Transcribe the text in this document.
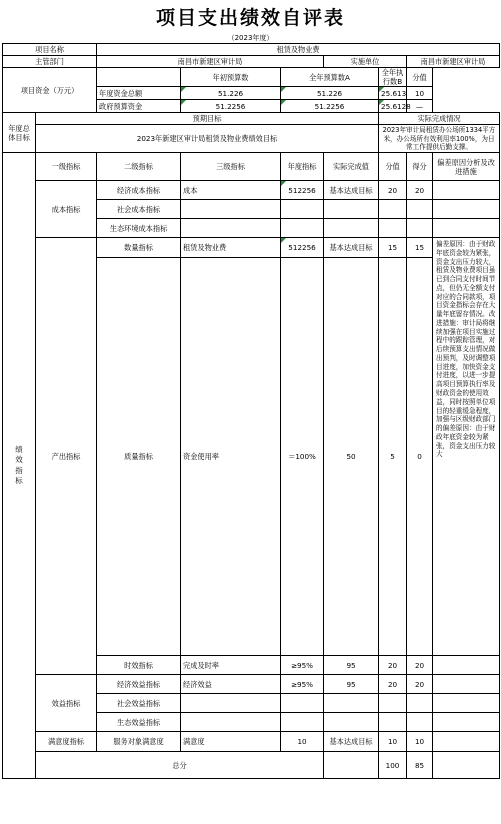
项目支出绩效自评表
（2023年度）
项目名称		租赁及物业费						
主管部门		南昌市新建区审计局			实施单位		南昌市新建区审计局	
项目资金（万元）			年初预算数	全年预算数A		全年执行数B	分值
		年度资金总额	51.226	51.226		25.613	10	
		政府预算资金	51.2256	51.2256		25.6128	—	
年度总体目标	预期目标					实际完成情况		
	2023年新建区审计局租赁及物业费绩效目标					2023年审计局租赁办公场所1334平方米，办公场所有效利用率100%，为日常工作提供后勤支撑。		

绩效指标	一级指标	二级指标	三级指标	年度指标	实际完成值	分值	得分	偏差原因分析及改进措施
	成本指标	经济成本指标	成本	512256	基本达成目标	20	20	
		社会成本指标						
		生态环境成本指标						
	产出指标	数量指标	租赁及物业费	512256	基本达成目标	15	15	偏差原因：由于财政年底资金较为紧张，资金支出压力较大，租赁及物业费项目虽已到合同支付时间节点，但仍无全额支付对应的合同款项，项目资金指标会存在大量年底留存情况。改进措施：审计局将继续加强在项目实施过程中的跟踪管理，对后续预算支出情况做出预判，及时调整项目进度，加快资金支付进度，以进一步提高项目预算执行率及财政资金的使用效益，同时按照单位项目的轻重缓急程度，加强与区级财政部门的偏差原因：由于财政年底资金较为紧张，资金支出压力较大
		质量指标	资金使用率	＝100%	50	5	0	
		时效指标	完成及时率	≥95%	95	20	20	
	效益指标	经济效益指标	经济效益	≥95%	95	20	20	
		社会效益指标						
		生态效益指标						
	满意度指标	服务对象满意度	满意度	10	基本达成目标	10	10	
	总分					100	85	
